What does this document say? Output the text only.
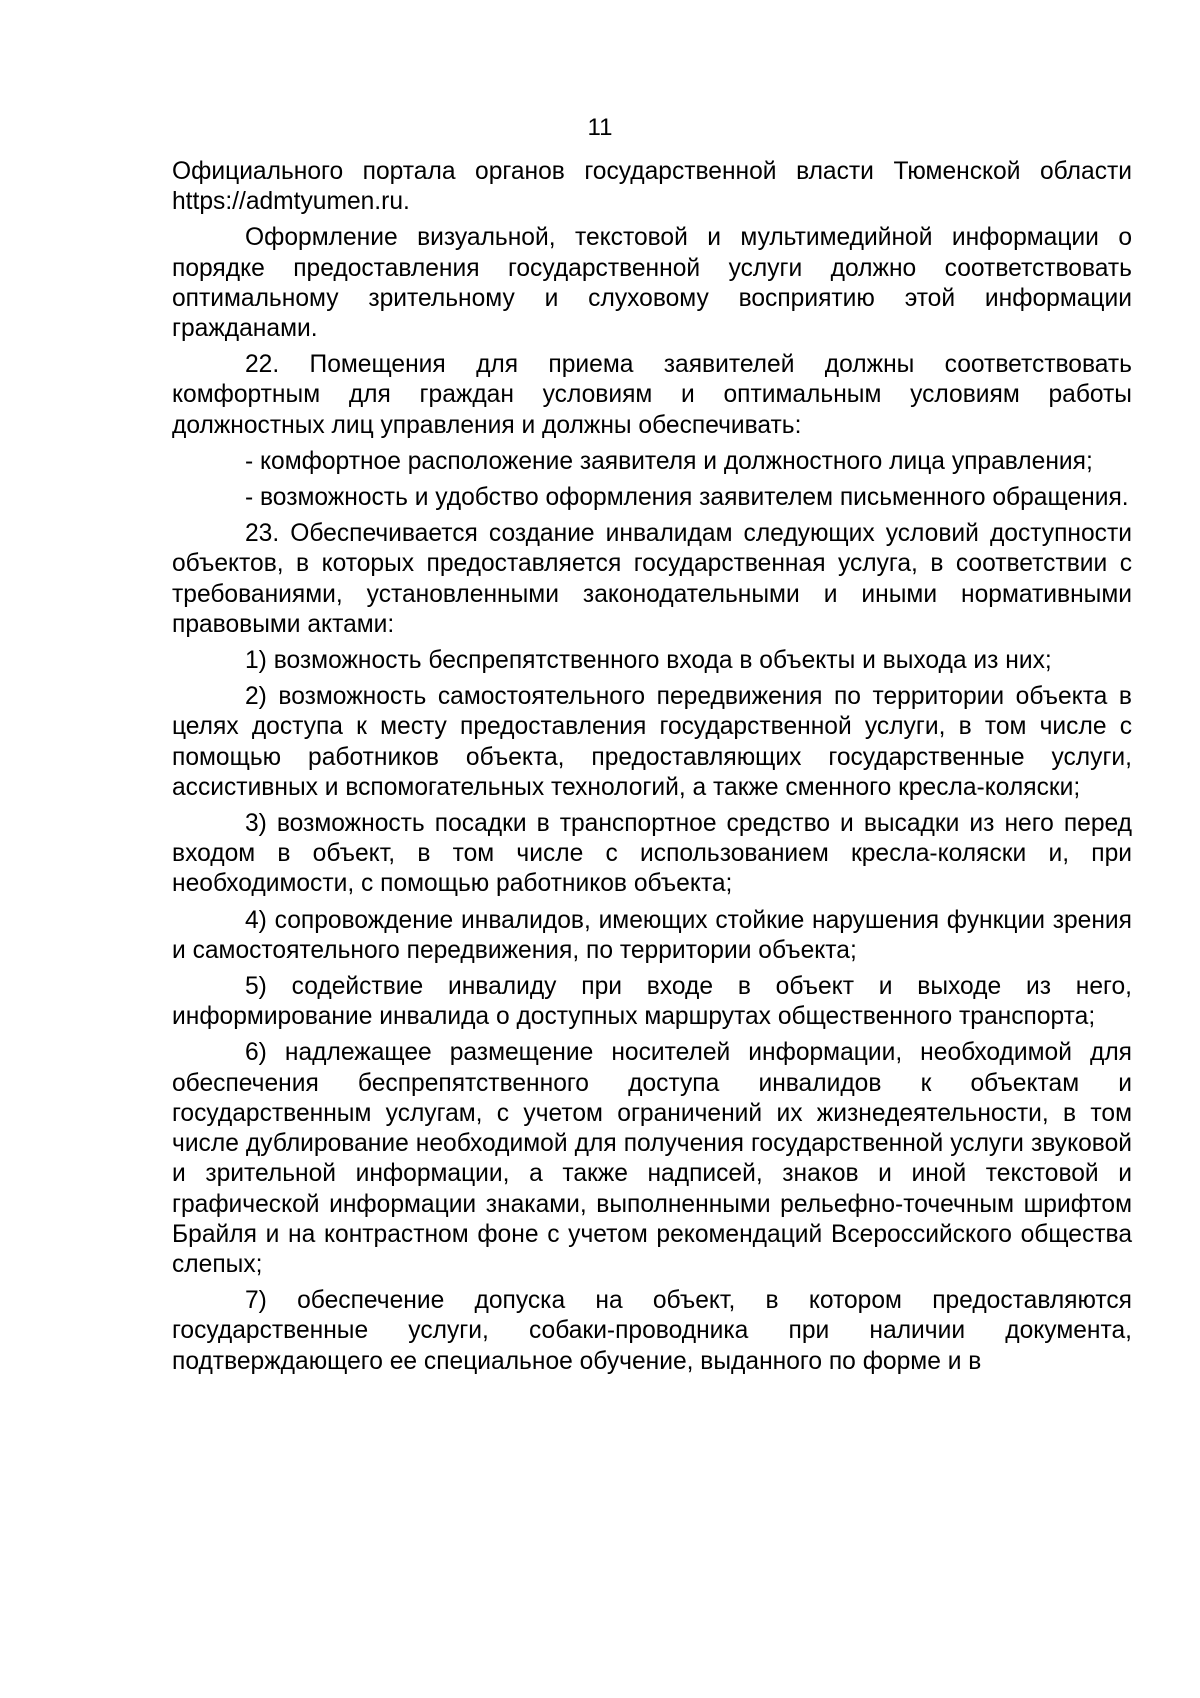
11

Официального портала органов государственной власти Тюменской области https://admtyumen.ru.

Оформление визуальной, текстовой и мультимедийной информации о порядке предоставления государственной услуги должно соответствовать оптимальному зрительному и слуховому восприятию этой информации гражданами.

22. Помещения для приема заявителей должны соответствовать комфортным для граждан условиям и оптимальным условиям работы должностных лиц управления и должны обеспечивать:

- комфортное расположение заявителя и должностного лица управления;

- возможность и удобство оформления заявителем письменного обращения.

23. Обеспечивается создание инвалидам следующих условий доступности объектов, в которых предоставляется государственная услуга, в соответствии с требованиями, установленными законодательными и иными нормативными правовыми актами:

1) возможность беспрепятственного входа в объекты и выхода из них;

2) возможность самостоятельного передвижения по территории объекта в целях доступа к месту предоставления государственной услуги, в том числе с помощью работников объекта, предоставляющих государственные услуги, ассистивных и вспомогательных технологий, а также сменного кресла-коляски;

3) возможность посадки в транспортное средство и высадки из него перед входом в объект, в том числе с использованием кресла-коляски и, при необходимости, с помощью работников объекта;

4) сопровождение инвалидов, имеющих стойкие нарушения функции зрения и самостоятельного передвижения, по территории объекта;

5) содействие инвалиду при входе в объект и выходе из него, информирование инвалида о доступных маршрутах общественного транспорта;

6) надлежащее размещение носителей информации, необходимой для обеспечения беспрепятственного доступа инвалидов к объектам и государственным услугам, с учетом ограничений их жизнедеятельности, в том числе дублирование необходимой для получения государственной услуги звуковой и зрительной информации, а также надписей, знаков и иной текстовой и графической информации знаками, выполненными рельефно-точечным шрифтом Брайля и на контрастном фоне с учетом рекомендаций Всероссийского общества слепых;

7) обеспечение допуска на объект, в котором предоставляются государственные услуги, собаки-проводника при наличии документа, подтверждающего ее специальное обучение, выданного по форме и в
